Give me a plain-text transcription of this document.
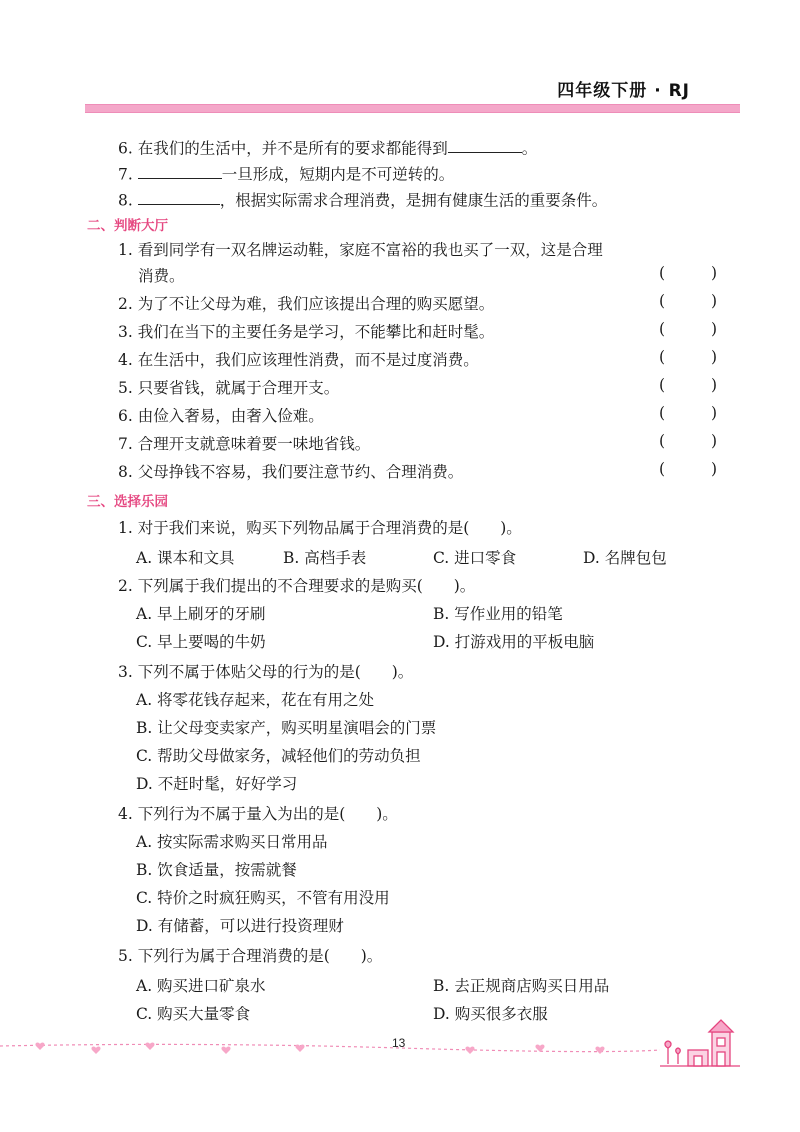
四年级下册 · RJ
6. 在我们的生活中，并不是所有的要求都能得到	。
7.	一旦形成，短期内是不可逆转的。
8.	，根据实际需求合理消费，是拥有健康生活的重要条件。
二、判断大厅
1. 看到同学有一双名牌运动鞋，家庭不富裕的我也买了一双，这是合理
消费。	(	)
2. 为了不让父母为难，我们应该提出合理的购买愿望。	(	)
3. 我们在当下的主要任务是学习，不能攀比和赶时髦。	(	)
4. 在生活中，我们应该理性消费，而不是过度消费。	(	)
5. 只要省钱，就属于合理开支。	(	)
6. 由俭入奢易，由奢入俭难。	(	)
7. 合理开支就意味着要一味地省钱。	(	)
8. 父母挣钱不容易，我们要注意节约、合理消费。	(	)
三、选择乐园
1. 对于我们来说，购买下列物品属于合理消费的是(　　)。
A. 课本和文具	B. 高档手表	C. 进口零食	D. 名牌包包
2. 下列属于我们提出的不合理要求的是购买(　　)。
A. 早上刷牙的牙刷	B. 写作业用的铅笔
C. 早上要喝的牛奶	D. 打游戏用的平板电脑
3. 下列不属于体贴父母的行为的是(　　)。
A. 将零花钱存起来，花在有用之处
B. 让父母变卖家产，购买明星演唱会的门票
C. 帮助父母做家务，减轻他们的劳动负担
D. 不赶时髦，好好学习
4. 下列行为不属于量入为出的是(　　)。
A. 按实际需求购买日常用品
B. 饮食适量，按需就餐
C. 特价之时疯狂购买，不管有用没用
D. 有储蓄，可以进行投资理财
5. 下列行为属于合理消费的是(　　)。
A. 购买进口矿泉水	B. 去正规商店购买日用品
C. 购买大量零食	D. 购买很多衣服
13
